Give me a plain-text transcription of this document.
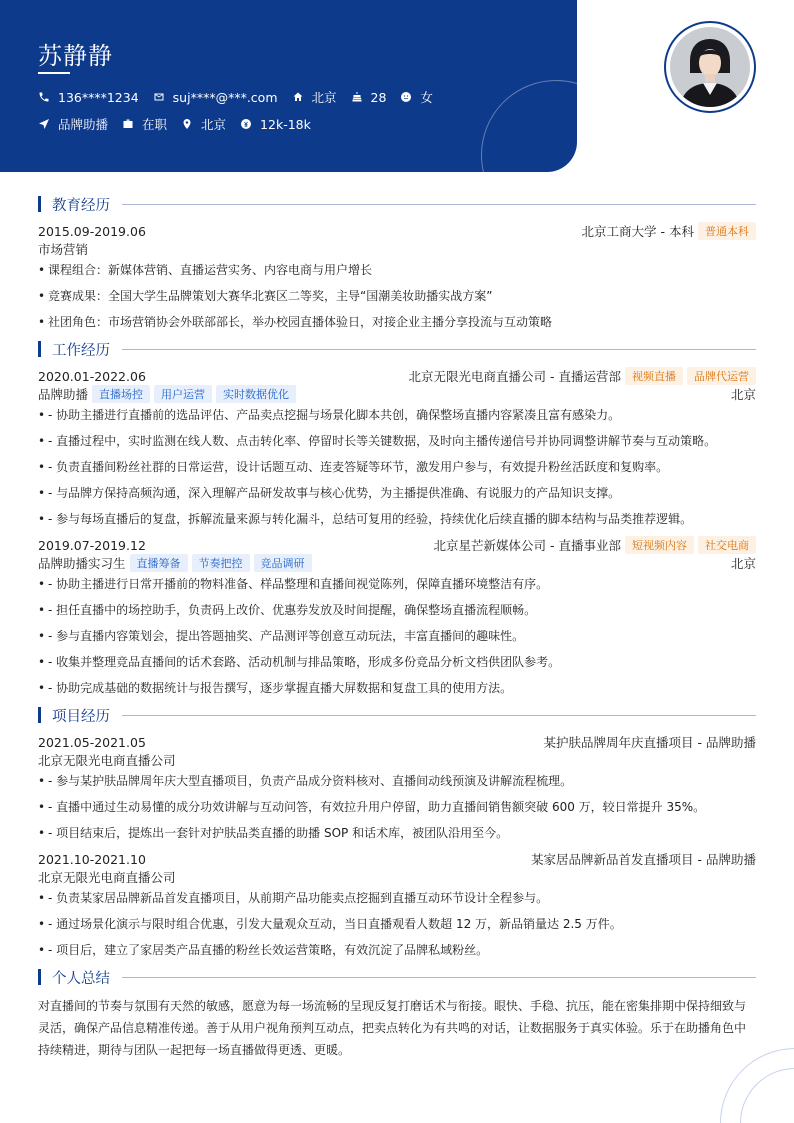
苏静静
136****1234	suj****@***.com	北京	28	女
品牌助播	在职	北京	12k-18k
教育经历
2015.09-2019.06	北京工商大学 - 本科	普通本科
市场营销
• 课程组合：新媒体营销、直播运营实务、内容电商与用户增长
• 竞赛成果：全国大学生品牌策划大赛华北赛区二等奖，主导“国潮美妆助播实战方案”
• 社团角色：市场营销协会外联部部长，举办校园直播体验日，对接企业主播分享投流与互动策略
工作经历
2020.01-2022.06	北京无限光电商直播公司 - 直播运营部	视频直播	品牌代运营
品牌助播	直播场控	用户运营	实时数据优化	北京
• - 协助主播进行直播前的选品评估、产品卖点挖掘与场景化脚本共创，确保整场直播内容紧凑且富有感染力。
• - 直播过程中，实时监测在线人数、点击转化率、停留时长等关键数据，及时向主播传递信号并协同调整讲解节奏与互动策略。
• - 负责直播间粉丝社群的日常运营，设计话题互动、连麦答疑等环节，激发用户参与，有效提升粉丝活跃度和复购率。
• - 与品牌方保持高频沟通，深入理解产品研发故事与核心优势，为主播提供准确、有说服力的产品知识支撑。
• - 参与每场直播后的复盘，拆解流量来源与转化漏斗，总结可复用的经验，持续优化后续直播的脚本结构与品类推荐逻辑。
2019.07-2019.12	北京星芒新媒体公司 - 直播事业部	短视频内容	社交电商
品牌助播实习生	直播筹备	节奏把控	竞品调研	北京
• - 协助主播进行日常开播前的物料准备、样品整理和直播间视觉陈列，保障直播环境整洁有序。
• - 担任直播中的场控助手，负责码上改价、优惠券发放及时间提醒，确保整场直播流程顺畅。
• - 参与直播内容策划会，提出答题抽奖、产品测评等创意互动玩法，丰富直播间的趣味性。
• - 收集并整理竞品直播间的话术套路、活动机制与排品策略，形成多份竞品分析文档供团队参考。
• - 协助完成基础的数据统计与报告撰写，逐步掌握直播大屏数据和复盘工具的使用方法。
项目经历
2021.05-2021.05	某护肤品牌周年庆直播项目 - 品牌助播
北京无限光电商直播公司
• - 参与某护肤品牌周年庆大型直播项目，负责产品成分资料核对、直播间动线预演及讲解流程梳理。
• - 直播中通过生动易懂的成分功效讲解与互动问答，有效拉升用户停留，助力直播间销售额突破 600 万，较日常提升 35%。
• - 项目结束后，提炼出一套针对护肤品类直播的助播 SOP 和话术库，被团队沿用至今。
2021.10-2021.10	某家居品牌新品首发直播项目 - 品牌助播
北京无限光电商直播公司
• - 负责某家居品牌新品首发直播项目，从前期产品功能卖点挖掘到直播互动环节设计全程参与。
• - 通过场景化演示与限时组合优惠，引发大量观众互动，当日直播观看人数超 12 万，新品销量达 2.5 万件。
• - 项目后，建立了家居类产品直播的粉丝长效运营策略，有效沉淀了品牌私域粉丝。
个人总结
对直播间的节奏与氛围有天然的敏感，愿意为每一场流畅的呈现反复打磨话术与衔接。眼快、手稳、抗压，能在密集排期中保持细致与
灵活，确保产品信息精准传递。善于从用户视角预判互动点，把卖点转化为有共鸣的对话，让数据服务于真实体验。乐于在助播角色中
持续精进，期待与团队一起把每一场直播做得更透、更暖。
